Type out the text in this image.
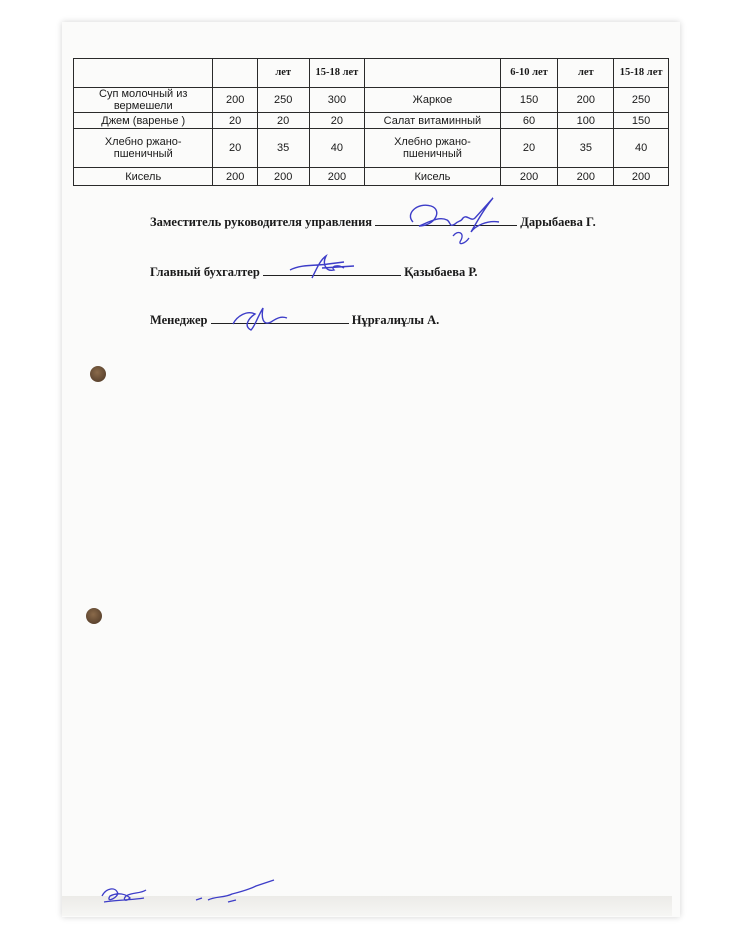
		лет	15-18 лет		6-10 лет	лет	15-18 лет
Суп молочный из вермешели	200	250	300	Жаркое	150	200	250
Джем (варенье )	20	20	20	Салат витаминный	60	100	150
Хлебно ржано-пшеничный	20	35	40	Хлебно ржано-пшеничный	20	35	40
Кисель	200	200	200	Кисель	200	200	200
Заместитель руководителя управления	Дарыбаева Г.
Главный бухгалтер	Қазыбаева Р.
Менеджер	Нұрғалиұлы А.
